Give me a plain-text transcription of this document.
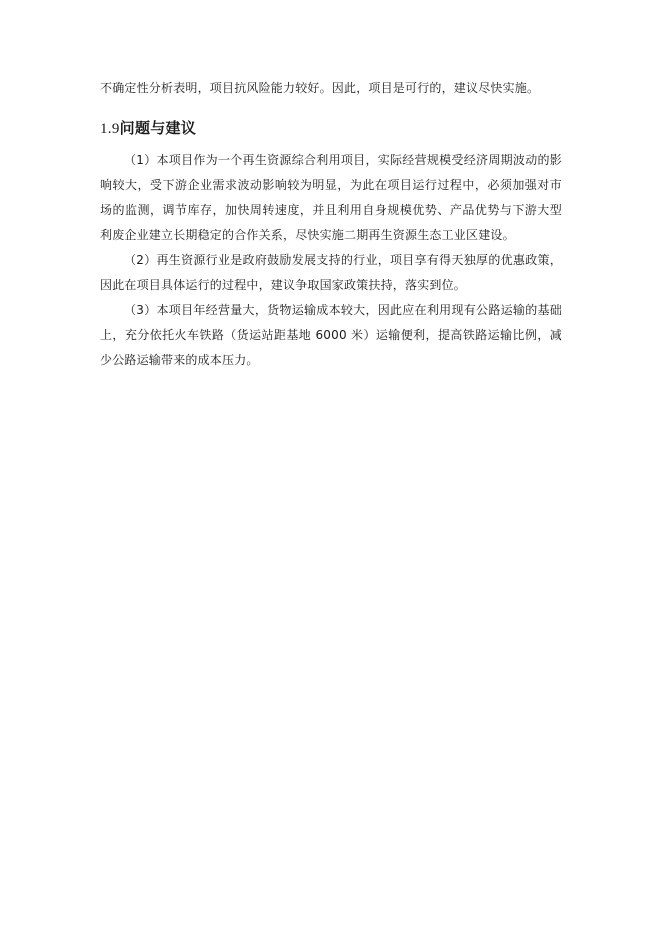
不确定性分析表明，项目抗风险能力较好。因此，项目是可行的，建议尽快实施。

1.9问题与建议

（1）本项目作为一个再生资源综合利用项目，实际经营规模受经济周期波动的影响较大，受下游企业需求波动影响较为明显，为此在项目运行过程中，必须加强对市场的监测，调节库存，加快周转速度，并且利用自身规模优势、产品优势与下游大型利废企业建立长期稳定的合作关系，尽快实施二期再生资源生态工业区建设。

（2）再生资源行业是政府鼓励发展支持的行业，项目享有得天独厚的优惠政策，因此在项目具体运行的过程中，建议争取国家政策扶持，落实到位。

（3）本项目年经营量大，货物运输成本较大，因此应在利用现有公路运输的基础上，充分依托火车铁路（货运站距基地 6000 米）运输便利，提高铁路运输比例，减少公路运输带来的成本压力。
